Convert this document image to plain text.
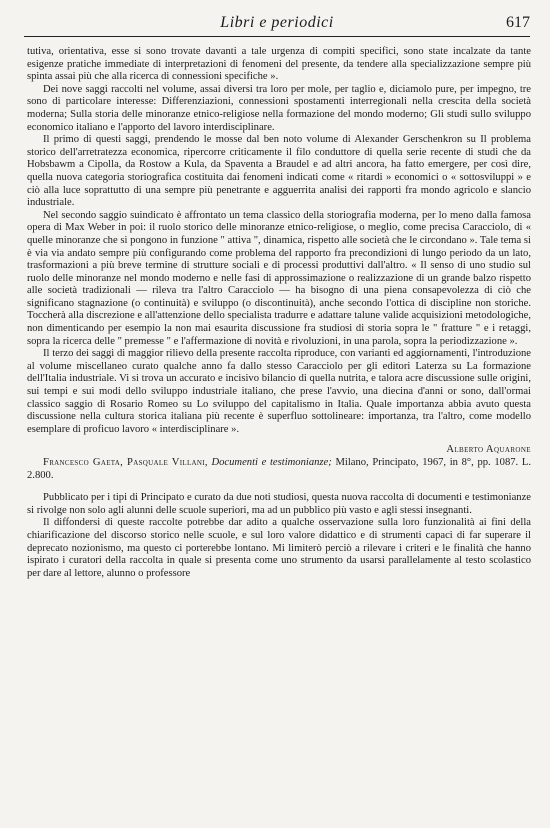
Libri e periodici	617

tutiva, orientativa, esse si sono trovate davanti a tale urgenza di compiti specifici, sono state incalzate da tante esigenze pratiche immediate di interpretazioni di fenomeni del presente, da tendere alla specializzazione sempre più spinta assai più che alla ricerca di connessioni specifiche ».

Dei nove saggi raccolti nel volume, assai diversi tra loro per mole, per taglio e, diciamolo pure, per impegno, tre sono di particolare interesse: Differenziazioni, connessioni spostamenti interregionali nella crescita della società moderna; Sulla storia delle minoranze etnico-religiose nella formazione del mondo moderno; Gli studi sullo sviluppo economico italiano e l'apporto del lavoro interdisciplinare.

Il primo di questi saggi, prendendo le mosse dal ben noto volume di Alexander Gerschenkron su Il problema storico dell'arretratezza economica, ripercorre criticamente il filo conduttore di quella serie recente di studi che da Hobsbawm a Cipolla, da Rostow a Kula, da Spaventa a Braudel e ad altri ancora, ha fatto emergere, per così dire, quella nuova categoria storiografica costituita dai fenomeni indicati come « ritardi » economici o « sottosviluppi » e ciò alla luce soprattutto di una sempre più penetrante e agguerrita analisi dei rapporti fra mondo agricolo e slancio industriale.

Nel secondo saggio suindicato è affrontato un tema classico della storiografia moderna, per lo meno dalla famosa opera di Max Weber in poi: il ruolo storico delle minoranze etnico-religiose, o meglio, come precisa Caracciolo, di « quelle minoranze che si pongono in funzione " attiva ", dinamica, rispetto alle società che le circondano ». Tale tema si è via via andato sempre più configurando come problema del rapporto fra precondizioni di lungo periodo da un lato, trasformazioni a più breve termine di strutture sociali e di processi produttivi dall'altro. « Il senso di uno studio sul ruolo delle minoranze nel mondo moderno e nelle fasi di approssimazione o realizzazione di un grande balzo rispetto alle società tradizionali — rileva tra l'altro Caracciolo — ha bisogno di una piena consapevolezza di ciò che significano stagnazione (o continuità) e sviluppo (o discontinuità), anche secondo l'ottica di discipline non storiche. Toccherà alla discrezione e all'attenzione dello specialista tradurre e adattare talune valide acquisizioni metodologiche, non dimenticando per esempio la non mai esaurita discussione fra studiosi di storia sopra le " fratture " e i retaggi, sopra la ricerca delle " premesse " e l'affermazione di novità e rivoluzioni, in una parola, sopra la periodizzazione ».

Il terzo dei saggi di maggior rilievo della presente raccolta riproduce, con varianti ed aggiornamenti, l'introduzione al volume miscellaneo curato qualche anno fa dallo stesso Caracciolo per gli editori Laterza su La formazione dell'Italia industriale. Vi si trova un accurato e incisivo bilancio di quella nutrita, e talora acre discussione sulle origini, sui tempi e sui modi dello sviluppo industriale italiano, che prese l'avvio, una diecina d'anni or sono, dall'ormai classico saggio di Rosario Romeo su Lo sviluppo del capitalismo in Italia. Quale importanza abbia avuto questa discussione nella cultura storica italiana più recente è superfluo sottolineare: importanza, tra l'altro, come modello esemplare di proficuo lavoro « interdisciplinare ».

Alberto Aquarone

Francesco Gaeta, Pasquale Villani, Documenti e testimonianze; Milano, Principato, 1967, in 8°, pp. 1087. L. 2.800.

Pubblicato per i tipi di Principato e curato da due noti studiosi, questa nuova raccolta di documenti e testimonianze si rivolge non solo agli alunni delle scuole superiori, ma ad un pubblico più vasto e agli stessi insegnanti.

Il diffondersi di queste raccolte potrebbe dar adito a qualche osservazione sulla loro funzionalità ai fini della chiarificazione del discorso storico nelle scuole, e sul loro valore didattico e di strumenti capaci di far superare il deprecato nozionismo, ma questo ci porterebbe lontano. Mi limiterò perciò a rilevare i criteri e le finalità che hanno ispirato i curatori della raccolta in quale si presenta come uno strumento da usarsi parallelamente al testo scolastico per dare al lettore, alunno o professore
